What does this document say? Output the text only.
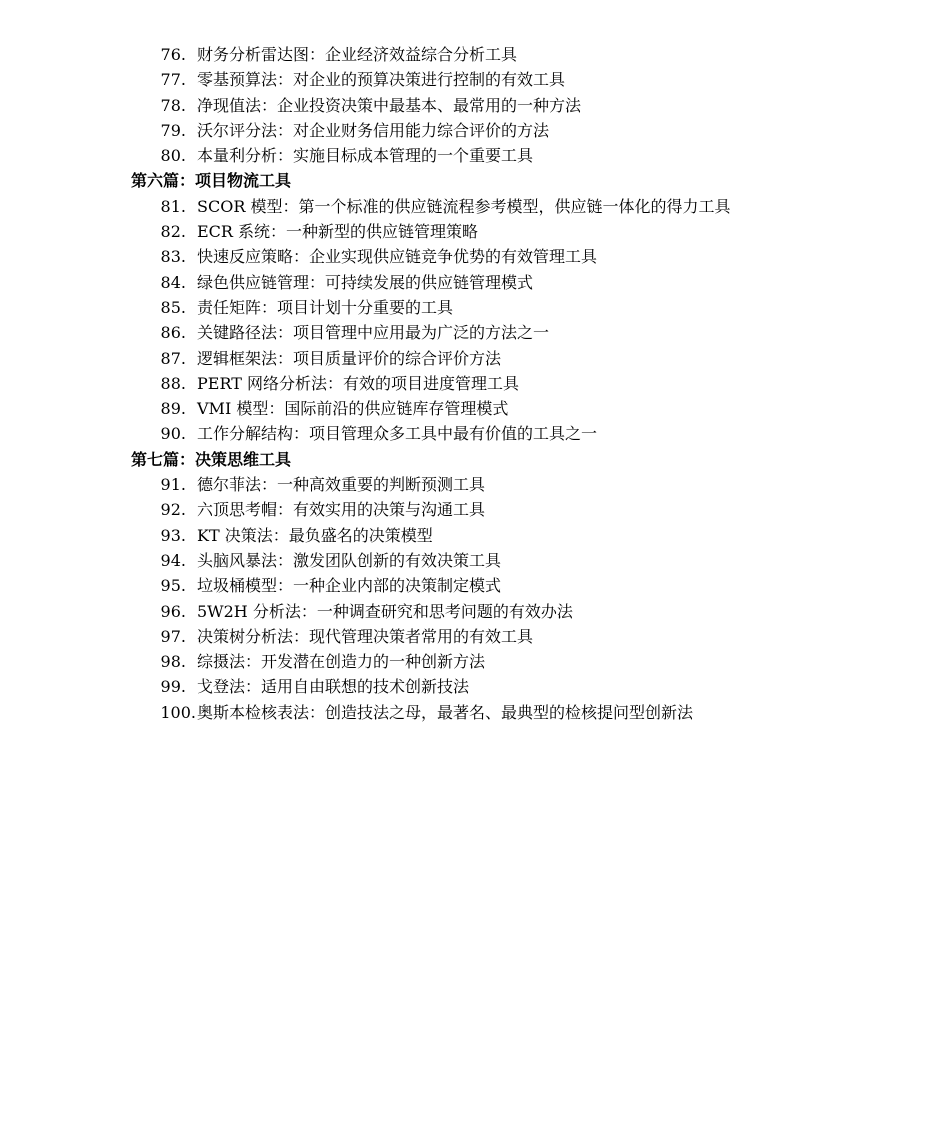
76. 财务分析雷达图：企业经济效益综合分析工具
77. 零基预算法：对企业的预算决策进行控制的有效工具
78. 净现值法：企业投资决策中最基本、最常用的一种方法
79. 沃尔评分法：对企业财务信用能力综合评价的方法
80. 本量利分析：实施目标成本管理的一个重要工具
第六篇：项目物流工具
81. SCOR 模型：第一个标准的供应链流程参考模型，供应链一体化的得力工具
82. ECR 系统：一种新型的供应链管理策略
83. 快速反应策略：企业实现供应链竞争优势的有效管理工具
84. 绿色供应链管理：可持续发展的供应链管理模式
85. 责任矩阵：项目计划十分重要的工具
86. 关键路径法：项目管理中应用最为广泛的方法之一
87. 逻辑框架法：项目质量评价的综合评价方法
88. PERT 网络分析法：有效的项目进度管理工具
89. VMI 模型：国际前沿的供应链库存管理模式
90. 工作分解结构：项目管理众多工具中最有价值的工具之一
第七篇：决策思维工具
91. 德尔菲法：一种高效重要的判断预测工具
92. 六顶思考帽：有效实用的决策与沟通工具
93. KT 决策法：最负盛名的决策模型
94. 头脑风暴法：激发团队创新的有效决策工具
95. 垃圾桶模型：一种企业内部的决策制定模式
96. 5W2H 分析法：一种调查研究和思考问题的有效办法
97. 决策树分析法：现代管理决策者常用的有效工具
98. 综摄法：开发潜在创造力的一种创新方法
99. 戈登法：适用自由联想的技术创新技法
100. 奥斯本检核表法：创造技法之母，最著名、最典型的检核提问型创新法
